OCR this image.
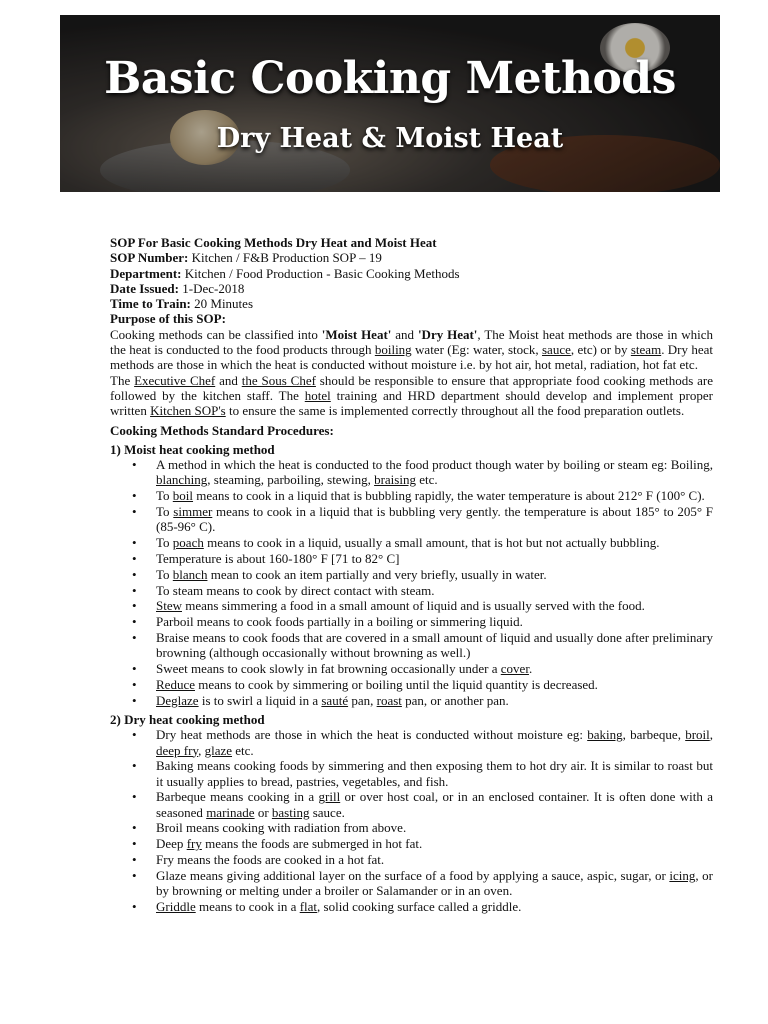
Basic Cooking Methods
Dry Heat & Moist Heat

SOP For Basic Cooking Methods Dry Heat and Moist Heat

SOP Number: Kitchen / F&B Production SOP – 19

Department: Kitchen / Food Production - Basic Cooking Methods

Date Issued: 1-Dec-2018

Time to Train: 20 Minutes

Purpose of this SOP:

Cooking methods can be classified into 'Moist Heat' and 'Dry Heat', The Moist heat methods are those in which the heat is conducted to the food products through boiling water (Eg: water, stock, sauce, etc) or by steam. Dry heat methods are those in which the heat is conducted without moisture i.e. by hot air, hot metal, radiation, hot fat etc.

The Executive Chef and the Sous Chef should be responsible to ensure that appropriate food cooking methods are followed by the kitchen staff. The hotel training and HRD department should develop and implement proper written Kitchen SOP's to ensure the same is implemented correctly throughout all the food preparation outlets.

Cooking Methods Standard Procedures:

1) Moist heat cooking method

• A method in which the heat is conducted to the food product though water by boiling or steam eg: Boiling, blanching, steaming, parboiling, stewing, braising etc.
• To boil means to cook in a liquid that is bubbling rapidly, the water temperature is about 212° F (100° C).
• To simmer means to cook in a liquid that is bubbling very gently. the temperature is about 185° to 205° F (85-96° C).
• To poach means to cook in a liquid, usually a small amount, that is hot but not actually bubbling.
• Temperature is about 160-180° F [71 to 82° C]
• To blanch mean to cook an item partially and very briefly, usually in water.
• To steam means to cook by direct contact with steam.
• Stew means simmering a food in a small amount of liquid and is usually served with the food.
• Parboil means to cook foods partially in a boiling or simmering liquid.
• Braise means to cook foods that are covered in a small amount of liquid and usually done after preliminary browning (although occasionally without browning as well.)
• Sweet means to cook slowly in fat browning occasionally under a cover.
• Reduce means to cook by simmering or boiling until the liquid quantity is decreased.
• Deglaze is to swirl a liquid in a sauté pan, roast pan, or another pan.

2) Dry heat cooking method

• Dry heat methods are those in which the heat is conducted without moisture eg: baking, barbeque, broil, deep fry, glaze etc.
• Baking means cooking foods by simmering and then exposing them to hot dry air. It is similar to roast but it usually applies to bread, pastries, vegetables, and fish.
• Barbeque means cooking in a grill or over host coal, or in an enclosed container. It is often done with a seasoned marinade or basting sauce.
• Broil means cooking with radiation from above.
• Deep fry means the foods are submerged in hot fat.
• Fry means the foods are cooked in a hot fat.
• Glaze means giving additional layer on the surface of a food by applying a sauce, aspic, sugar, or icing, or by browning or melting under a broiler or Salamander or in an oven.
• Griddle means to cook in a flat, solid cooking surface called a griddle.
